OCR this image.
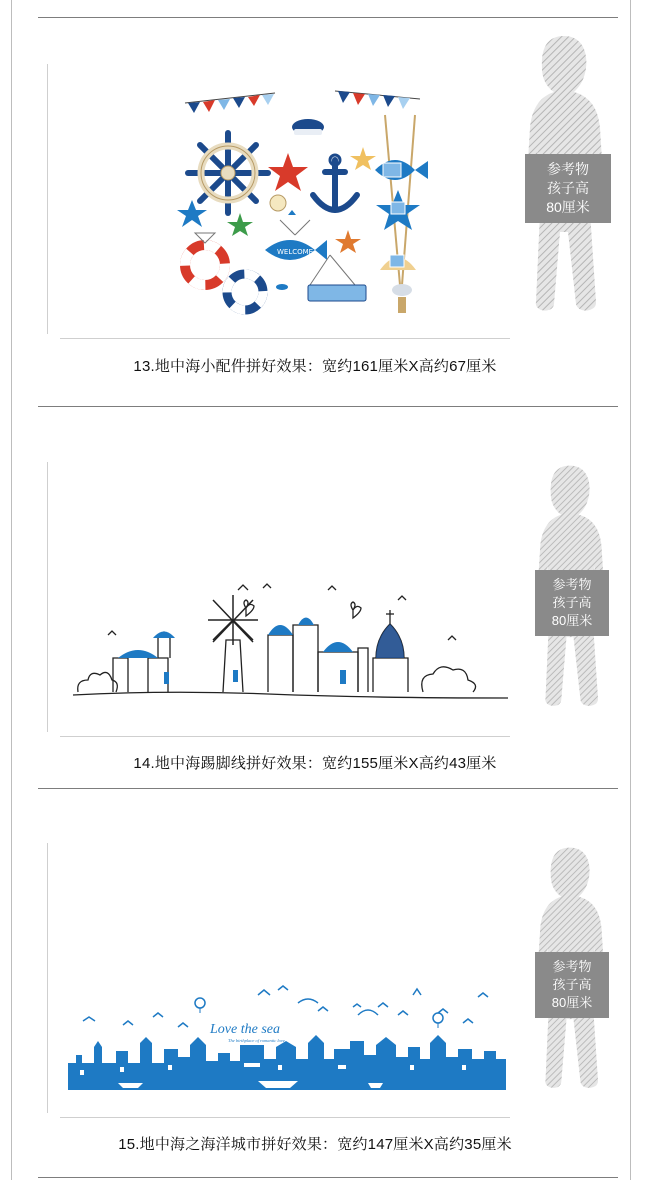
WELCOME
13.地中海小配件拼好效果：宽约161厘米X高约67厘米
参考物
孩子高
80厘米
14.地中海踢脚线拼好效果：宽约155厘米X高约43厘米
参考物
孩子高
80厘米
Love the sea
The birthplace of romantic love
15.地中海之海洋城市拼好效果：宽约147厘米X高约35厘米
参考物
孩子高
80厘米
